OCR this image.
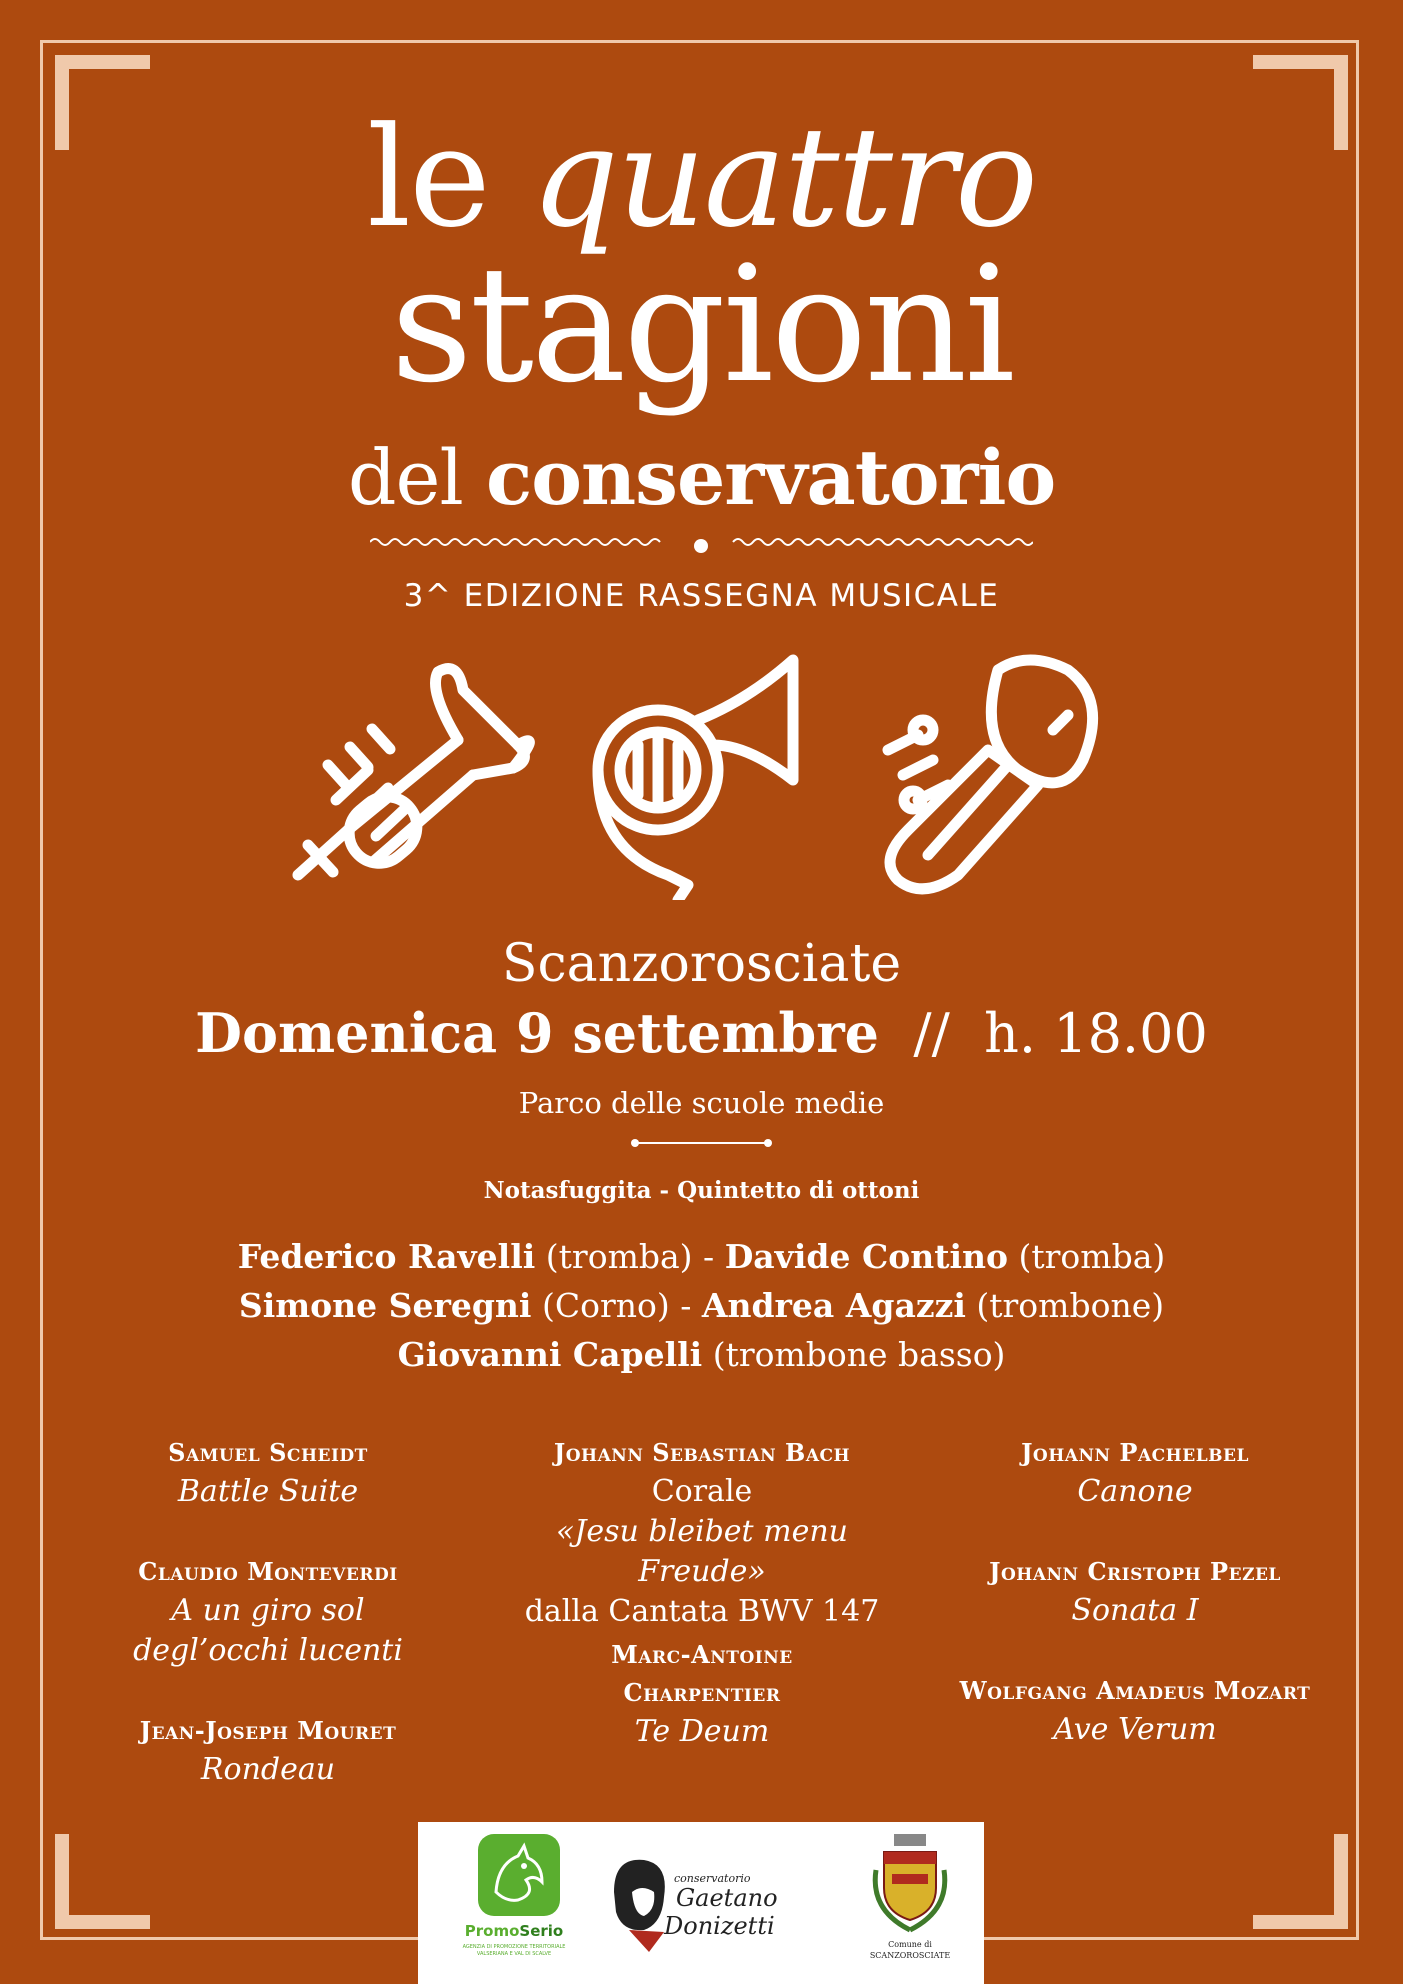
le quattro
stagioni
del conservatorio
3^ EDIZIONE RASSEGNA MUSICALE
Scanzorosciate
Domenica 9 settembre // h. 18.00
Parco delle scuole medie
Notasfuggita - Quintetto di ottoni
Federico Ravelli (tromba) - Davide Contino (tromba)
Simone Seregni (Corno) - Andrea Agazzi (trombone)
Giovanni Capelli (trombone basso)
Samuel Scheidt
Battle Suite
Claudio Monteverdi
A un giro sol
degl’occhi lucenti
Jean-Joseph Mouret
Rondeau
Johann Sebastian Bach
Corale
«Jesu bleibet menu Freude»
dalla Cantata BWV 147
Marc-Antoine
Charpentier
Te Deum
Johann Pachelbel
Canone
Johann Cristoph Pezel
Sonata I
Wolfgang Amadeus Mozart
Ave Verum
PromoSerio
AGENZIA DI PROMOZIONE TERRITORIALE
VALSERIANA E VAL DI SCALVE
conservatorio
Gaetano
Donizetti
Comune di
SCANZOROSCIATE
